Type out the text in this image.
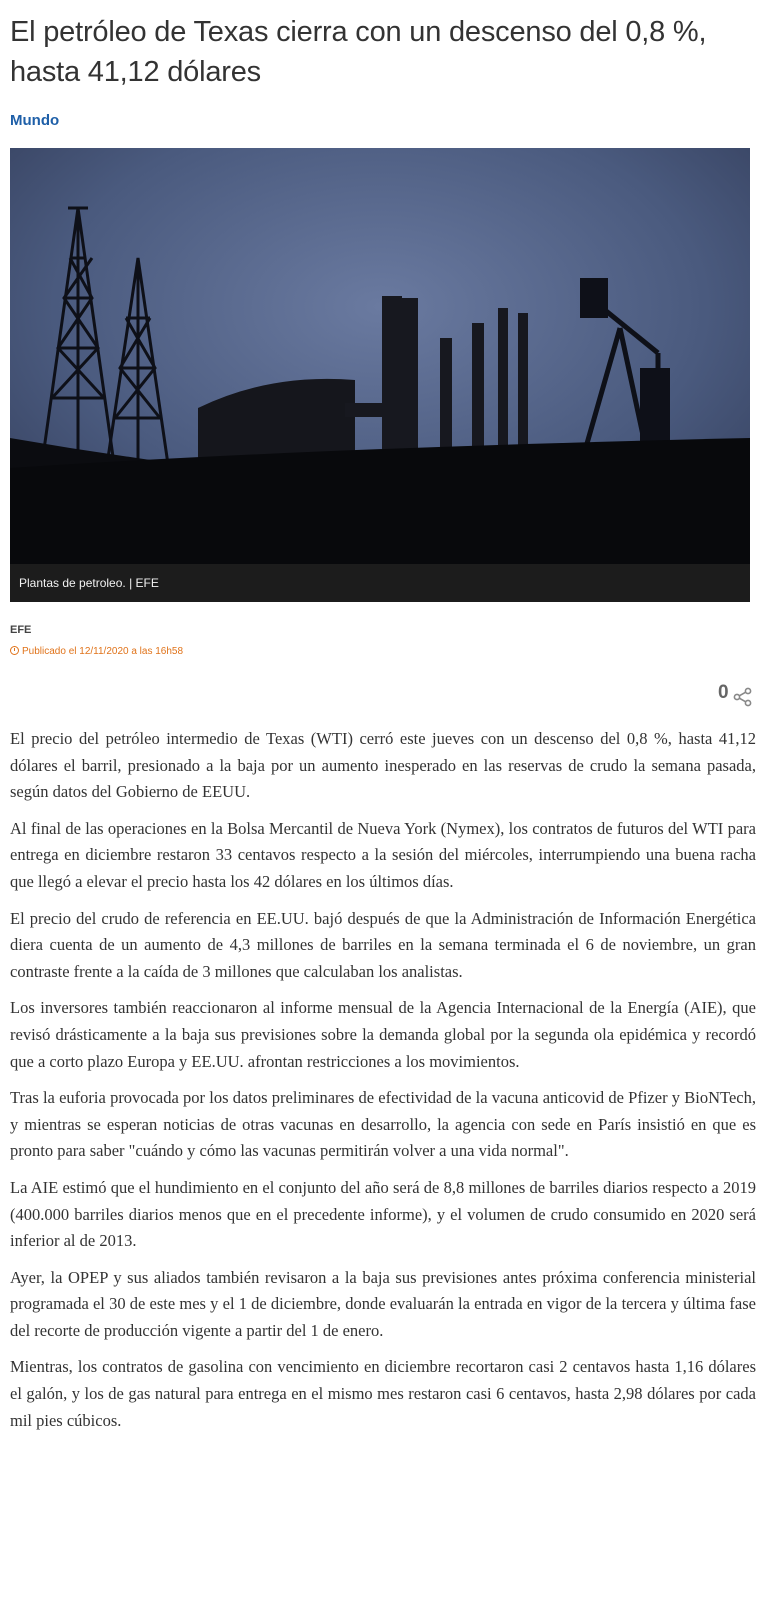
El petróleo de Texas cierra con un descenso del 0,8 %, hasta 41,12 dólares
Mundo
Plantas de petroleo. | EFE
EFE
Publicado el 12/11/2020 a las 16h58
0

El precio del petróleo intermedio de Texas (WTI) cerró este jueves con un descenso del 0,8 %, hasta 41,12 dólares el barril, presionado a la baja por un aumento inesperado en las reservas de crudo la semana pasada, según datos del Gobierno de EEUU.

Al final de las operaciones en la Bolsa Mercantil de Nueva York (Nymex), los contratos de futuros del WTI para entrega en diciembre restaron 33 centavos respecto a la sesión del miércoles, interrumpiendo una buena racha que llegó a elevar el precio hasta los 42 dólares en los últimos días.

El precio del crudo de referencia en EE.UU. bajó después de que la Administración de Información Energética diera cuenta de un aumento de 4,3 millones de barriles en la semana terminada el 6 de noviembre, un gran contraste frente a la caída de 3 millones que calculaban los analistas.

Los inversores también reaccionaron al informe mensual de la Agencia Internacional de la Energía (AIE), que revisó drásticamente a la baja sus previsiones sobre la demanda global por la segunda ola epidémica y recordó que a corto plazo Europa y EE.UU. afrontan restricciones a los movimientos.

Tras la euforia provocada por los datos preliminares de efectividad de la vacuna anticovid de Pfizer y BioNTech, y mientras se esperan noticias de otras vacunas en desarrollo, la agencia con sede en París insistió en que es pronto para saber "cuándo y cómo las vacunas permitirán volver a una vida normal".

La AIE estimó que el hundimiento en el conjunto del año será de 8,8 millones de barriles diarios respecto a 2019 (400.000 barriles diarios menos que en el precedente informe), y el volumen de crudo consumido en 2020 será inferior al de 2013.

Ayer, la OPEP y sus aliados también revisaron a la baja sus previsiones antes próxima conferencia ministerial programada el 30 de este mes y el 1 de diciembre, donde evaluarán la entrada en vigor de la tercera y última fase del recorte de producción vigente a partir del 1 de enero.

Mientras, los contratos de gasolina con vencimiento en diciembre recortaron casi 2 centavos hasta 1,16 dólares el galón, y los de gas natural para entrega en el mismo mes restaron casi 6 centavos, hasta 2,98 dólares por cada mil pies cúbicos.
